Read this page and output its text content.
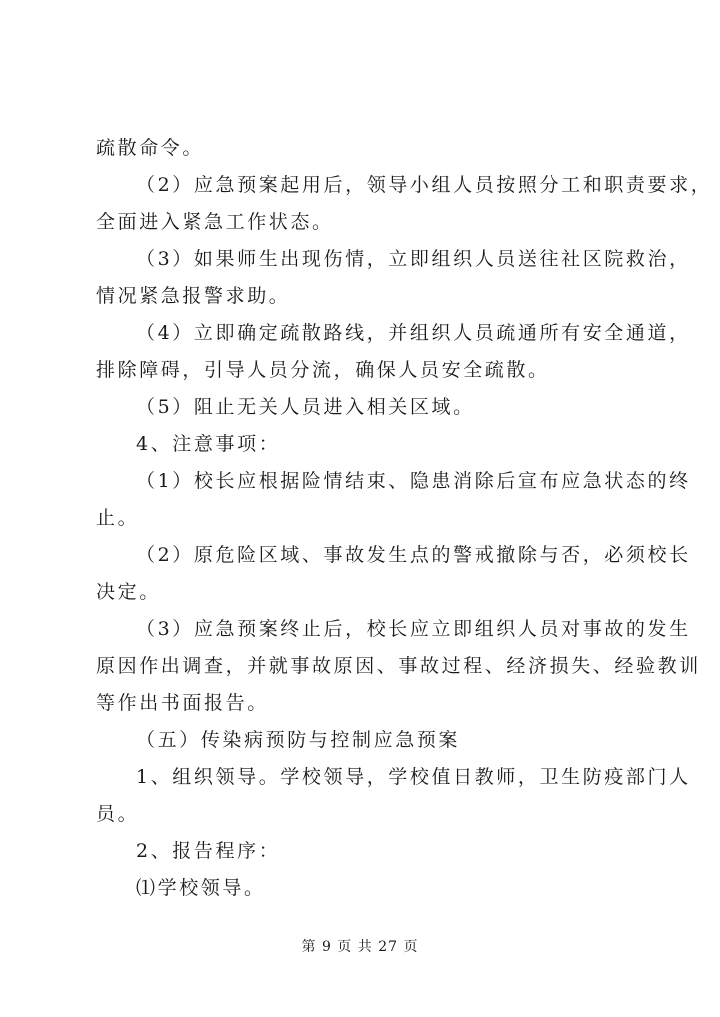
疏散命令。
（2）应急预案起用后，领导小组人员按照分工和职责要求，
全面进入紧急工作状态。
（3）如果师生出现伤情，立即组织人员送往社区院救治，
情况紧急报警求助。
（4）立即确定疏散路线，并组织人员疏通所有安全通道，
排除障碍，引导人员分流，确保人员安全疏散。
（5）阻止无关人员进入相关区域。
4、注意事项：
（1）校长应根据险情结束、隐患消除后宣布应急状态的终
止。
（2）原危险区域、事故发生点的警戒撤除与否，必须校长
决定。
（3）应急预案终止后，校长应立即组织人员对事故的发生
原因作出调查，并就事故原因、事故过程、经济损失、经验教训
等作出书面报告。
（五）传染病预防与控制应急预案
1、组织领导。学校领导，学校值日教师，卫生防疫部门人
员。
2、报告程序：
⑴学校领导。
第 9 页 共 27 页
